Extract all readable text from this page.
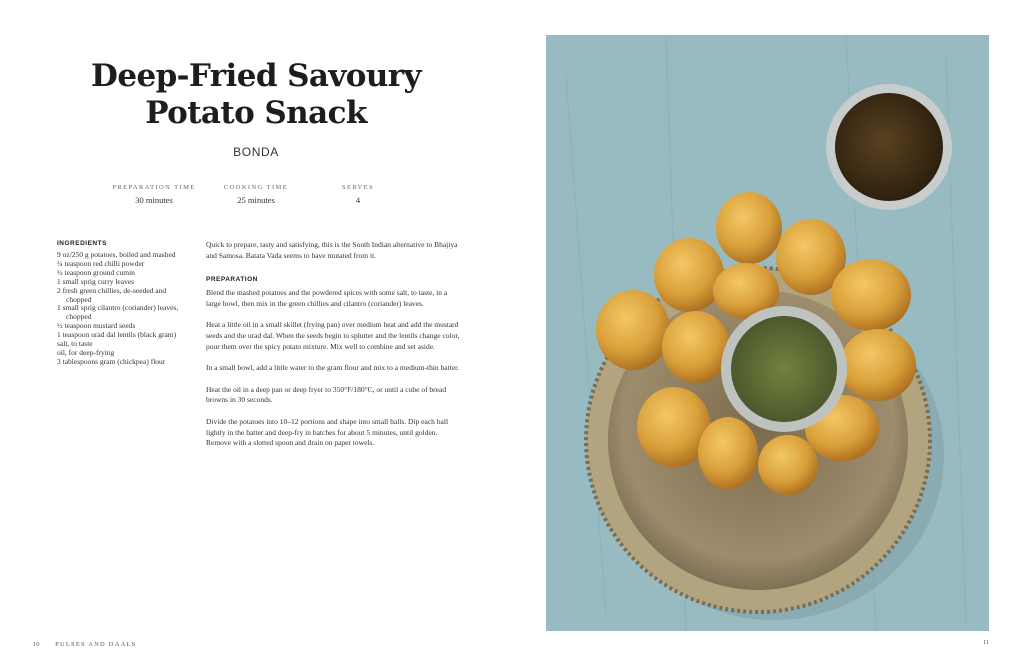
Deep-Fried Savoury
Potato Snack
BONDA
PREPARATION TIME
30 minutes
COOKING TIME
25 minutes
SERVES
4
INGREDIENTS
9 oz/250 g potatoes, boiled and mashed
¼ teaspoon red chilli powder
½ teaspoon ground cumin
1 small sprig curry leaves
2 fresh green chillies, de-seeded and chopped
1 small sprig cilantro (coriander) leaves, chopped
½ teaspoon mustard seeds
1 teaspoon urad dal lentils (black gram)
salt, to taste
oil, for deep-frying
3 tablespoons gram (chickpea) flour

Quick to prepare, tasty and satisfying, this is the South Indian alternative to Bhajiya and Samosa. Batata Vada seems to have mutated from it.

PREPARATION

Blend the mashed potatoes and the powdered spices with some salt, to taste, in a large bowl, then mix in the green chillies and cilantro (coriander) leaves.

Heat a little oil in a small skillet (frying pan) over medium heat and add the mustard seeds and the urad dal. When the seeds begin to splutter and the lentils change color, pour them over the spicy potato mixture. Mix well to combine and set aside.

In a small bowl, add a little water to the gram flour and mix to a medium-thin batter.

Heat the oil in a deep pan or deep fryer to 350°F/180°C, or until a cube of bread browns in 30 seconds.

Divide the potatoes into 10–12 portions and shape into small balls. Dip each ball lightly in the batter and deep-fry in batches for about 5 minutes, until golden. Remove with a slotted spoon and drain on paper towels.

10 PULSES AND DAALS	11
